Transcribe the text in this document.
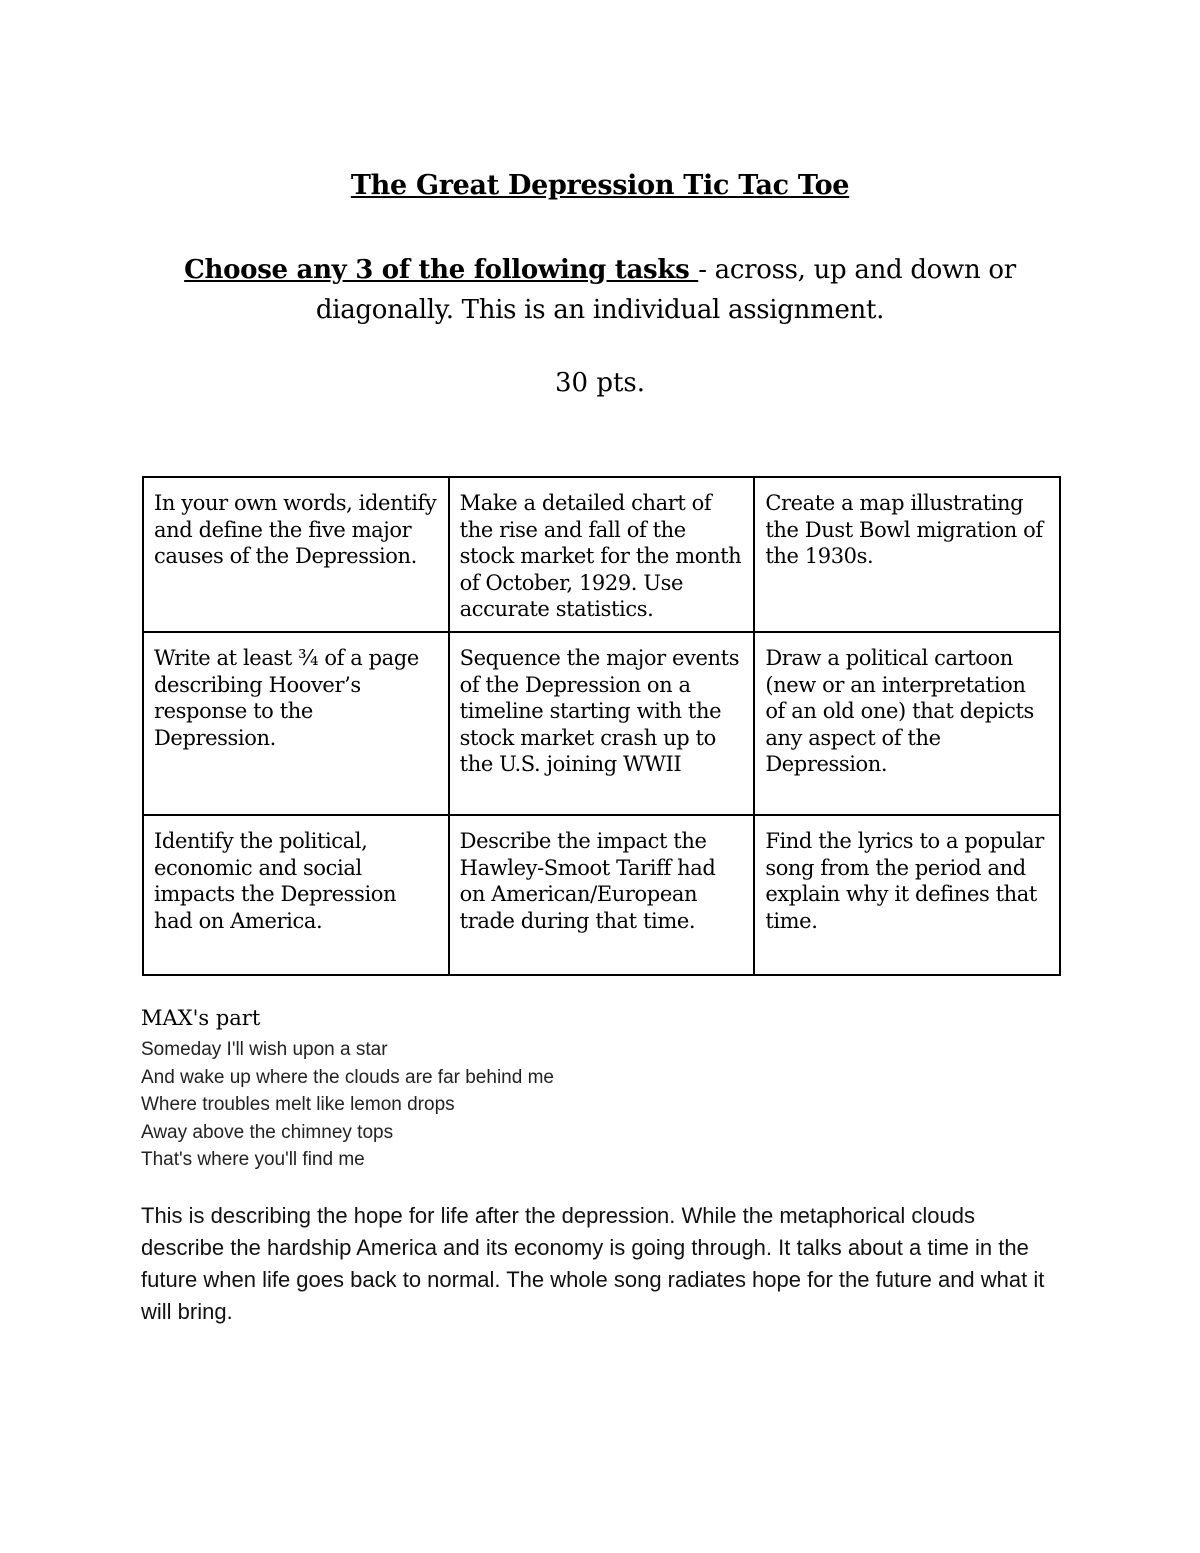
The Great Depression Tic Tac Toe
Choose any 3 of the following tasks - across, up and down or diagonally. This is an individual assignment.
30 pts.
In your own words, identify and define the five major causes of the Depression.	Make a detailed chart of the rise and fall of the stock market for the month of October, 1929. Use accurate statistics.	Create a map illustrating the Dust Bowl migration of the 1930s.
Write at least ¾ of a page describing Hoover’s response to the Depression.	Sequence the major events of the Depression on a timeline starting with the stock market crash up to the U.S. joining WWII	Draw a political cartoon (new or an interpretation of an old one) that depicts any aspect of the Depression.
Identify the political, economic and social impacts the Depression had on America.	Describe the impact the Hawley-Smoot Tariff had on American/European trade during that time.	Find the lyrics to a popular song from the period and explain why it defines that time.
MAX's part
Someday I'll wish upon a star
And wake up where the clouds are far behind me
Where troubles melt like lemon drops
Away above the chimney tops
That's where you'll find me
This is describing the hope for life after the depression. While the metaphorical clouds describe the hardship America and its economy is going through. It talks about a time in the future when life goes back to normal. The whole song radiates hope for the future and what it will bring.
